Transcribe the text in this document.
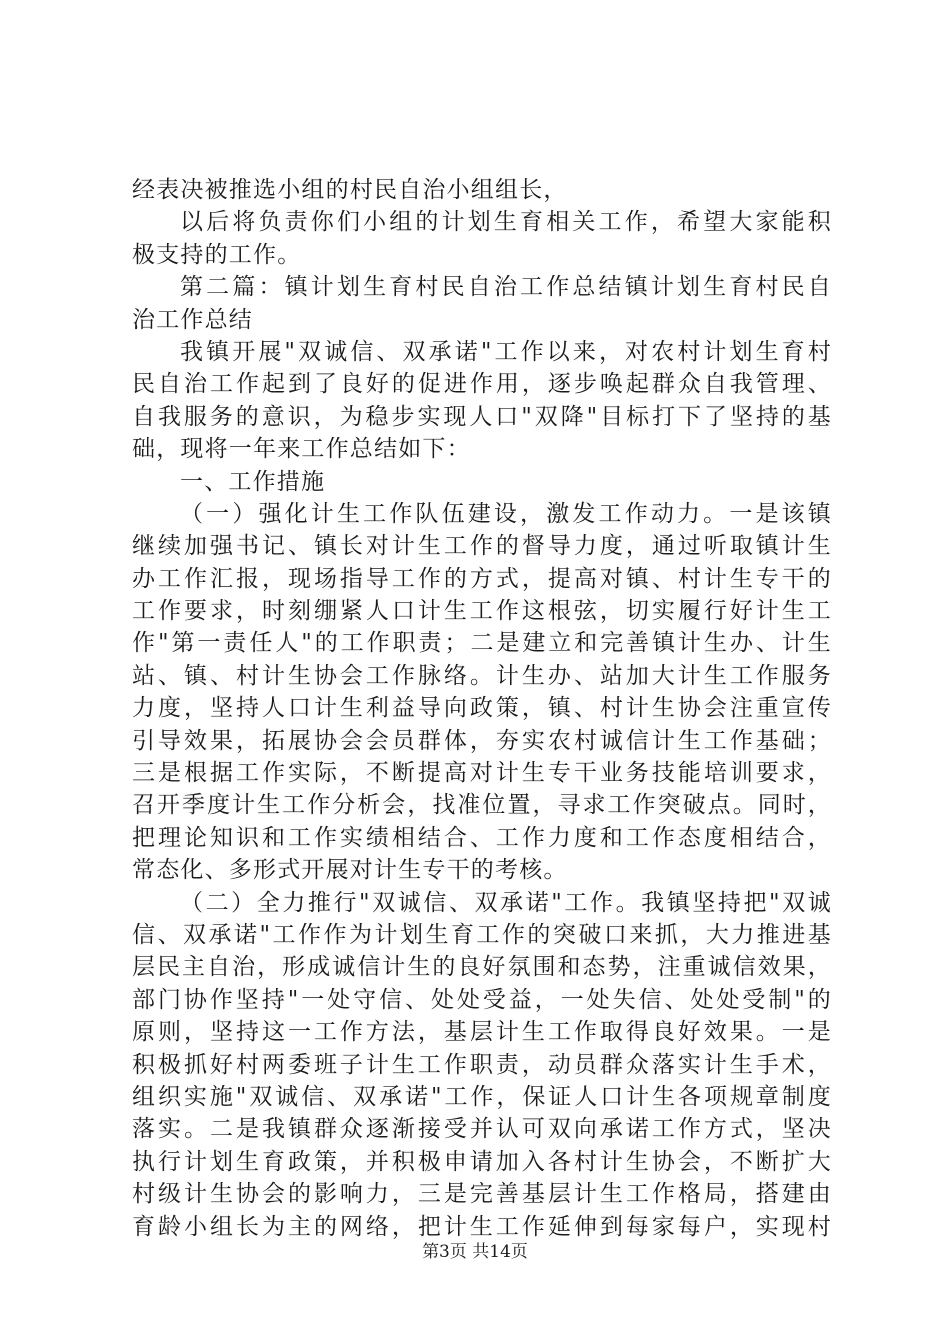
经表决被推选小组的村民自治小组组长，
以后将负责你们小组的计划生育相关工作，希望大家能积
极支持的工作。
第二篇：镇计划生育村民自治工作总结镇计划生育村民自
治工作总结
我镇开展"双诚信、双承诺"工作以来，对农村计划生育村
民自治工作起到了良好的促进作用，逐步唤起群众自我管理、
自我服务的意识，为稳步实现人口"双降"目标打下了坚持的基
础，现将一年来工作总结如下：
一、工作措施
（一）强化计生工作队伍建设，激发工作动力。一是该镇
继续加强书记、镇长对计生工作的督导力度，通过听取镇计生
办工作汇报，现场指导工作的方式，提高对镇、村计生专干的
工作要求，时刻绷紧人口计生工作这根弦，切实履行好计生工
作"第一责任人"的工作职责；二是建立和完善镇计生办、计生
站、镇、村计生协会工作脉络。计生办、站加大计生工作服务
力度，坚持人口计生利益导向政策，镇、村计生协会注重宣传
引导效果，拓展协会会员群体，夯实农村诚信计生工作基础；
三是根据工作实际，不断提高对计生专干业务技能培训要求，
召开季度计生工作分析会，找准位置，寻求工作突破点。同时，
把理论知识和工作实绩相结合、工作力度和工作态度相结合，
常态化、多形式开展对计生专干的考核。
（二）全力推行"双诚信、双承诺"工作。我镇坚持把"双诚
信、双承诺"工作作为计划生育工作的突破口来抓，大力推进基
层民主自治，形成诚信计生的良好氛围和态势，注重诚信效果，
部门协作坚持"一处守信、处处受益，一处失信、处处受制"的
原则，坚持这一工作方法，基层计生工作取得良好效果。一是
积极抓好村两委班子计生工作职责，动员群众落实计生手术，
组织实施"双诚信、双承诺"工作，保证人口计生各项规章制度
落实。二是我镇群众逐渐接受并认可双向承诺工作方式，坚决
执行计划生育政策，并积极申请加入各村计生协会，不断扩大
村级计生协会的影响力，三是完善基层计生工作格局，搭建由
育龄小组长为主的网络，把计生工作延伸到每家每户，实现村
第3页 共14页
